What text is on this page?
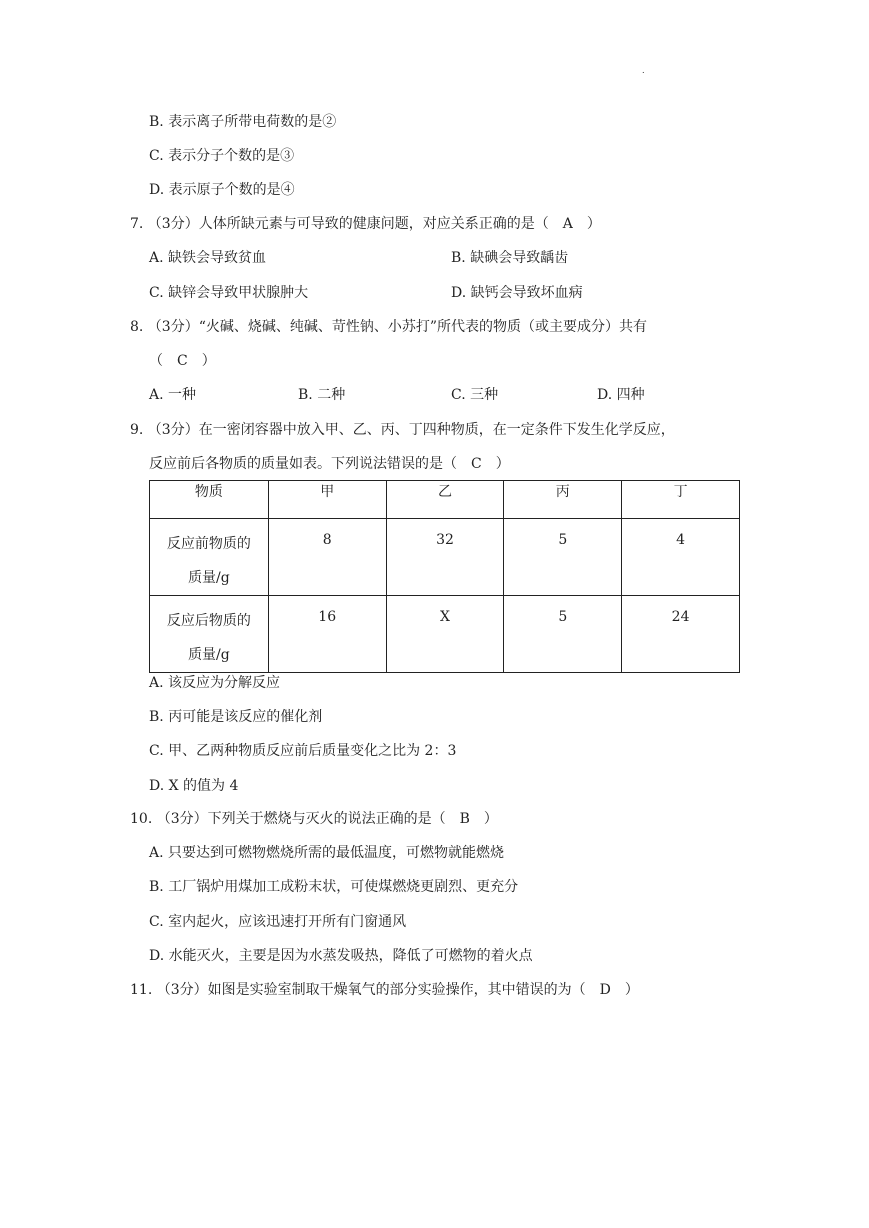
.
B. 表示离子所带电荷数的是②
C. 表示分子个数的是③
D. 表示原子个数的是④
7. （3分）人体所缺元素与可导致的健康问题，对应关系正确的是（　A　）
A. 缺铁会导致贫血	B. 缺碘会导致龋齿
C. 缺锌会导致甲状腺肿大	D. 缺钙会导致坏血病
8. （3分）“火碱、烧碱、纯碱、苛性钠、小苏打”所代表的物质（或主要成分）共有
（　C　）
A. 一种	B. 二种	C. 三种	D. 四种
9. （3分）在一密闭容器中放入甲、乙、丙、丁四种物质，在一定条件下发生化学反应，
反应前后各物质的质量如表。下列说法错误的是（　C　）
物质	甲	乙	丙	丁

反应前物质的
质量/g	8	32	5	4

反应后物质的
质量/g	16	X	5	24
A. 该反应为分解反应
B. 丙可能是该反应的催化剂
C. 甲、乙两种物质反应前后质量变化之比为 2：3
D. X 的值为 4
10. （3分）下列关于燃烧与灭火的说法正确的是（　B　）
A. 只要达到可燃物燃烧所需的最低温度，可燃物就能燃烧
B. 工厂锅炉用煤加工成粉末状，可使煤燃烧更剧烈、更充分
C. 室内起火，应该迅速打开所有门窗通风
D. 水能灭火，主要是因为水蒸发吸热，降低了可燃物的着火点
11. （3分）如图是实验室制取干燥氧气的部分实验操作，其中错误的为（　D　）
